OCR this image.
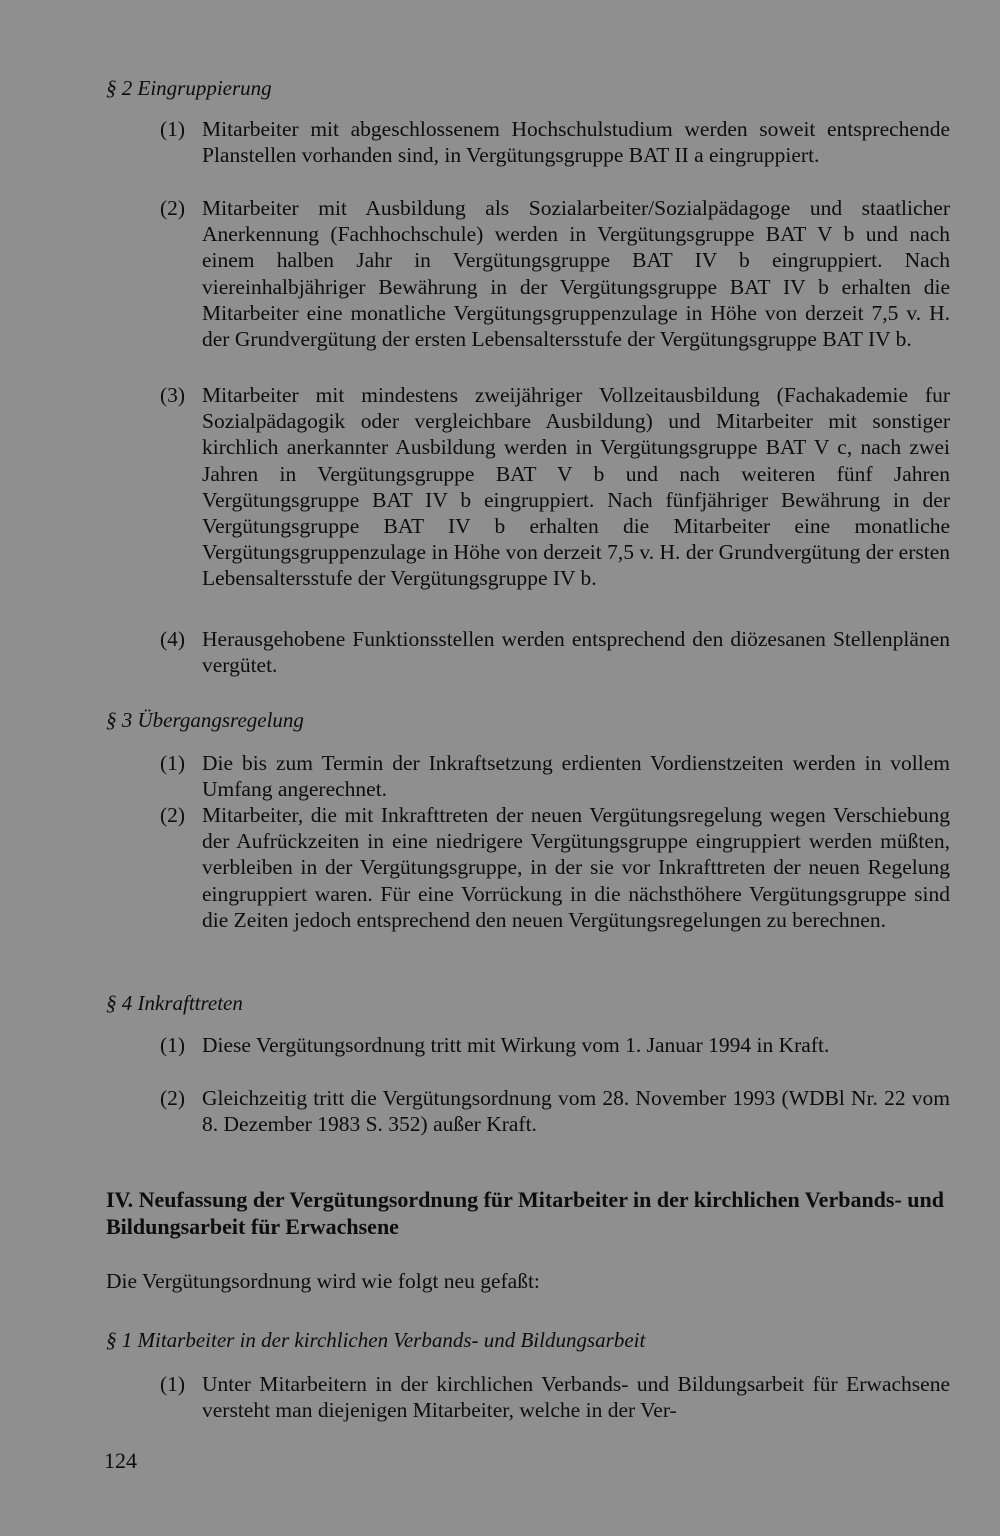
§ 2 Eingruppierung
(1) Mitarbeiter mit abgeschlossenem Hochschulstudium werden soweit entsprechende Planstellen vorhanden sind, in Vergütungsgruppe BAT II a eingruppiert.
(2) Mitarbeiter mit Ausbildung als Sozialarbeiter/Sozialpädagoge und staatlicher Anerkennung (Fachhochschule) werden in Vergütungsgruppe BAT V b und nach einem halben Jahr in Vergütungsgruppe BAT IV b eingruppiert. Nach viereinhalbjähriger Bewährung in der Vergütungsgruppe BAT IV b erhalten die Mitarbeiter eine monatliche Vergütungsgruppenzulage in Höhe von derzeit 7,5 v. H. der Grundvergütung der ersten Lebensaltersstufe der Vergütungsgruppe BAT IV b.
(3) Mitarbeiter mit mindestens zweijähriger Vollzeitausbildung (Fachakademie fur Sozialpädagogik oder vergleichbare Ausbildung) und Mitarbeiter mit sonstiger kirchlich anerkannter Ausbildung werden in Vergütungsgruppe BAT V c, nach zwei Jahren in Vergütungsgruppe BAT V b und nach weiteren fünf Jahren Vergütungsgruppe BAT IV b eingruppiert. Nach fünfjähriger Bewährung in der Vergütungsgruppe BAT IV b erhalten die Mitarbeiter eine monatliche Vergütungsgruppenzulage in Höhe von derzeit 7,5 v. H. der Grundvergütung der ersten Lebensaltersstufe der Vergütungsgruppe IV b.
(4) Herausgehobene Funktionsstellen werden entsprechend den diözesanen Stellenplänen vergütet.
§ 3 Übergangsregelung
(1) Die bis zum Termin der Inkraftsetzung erdienten Vordienstzeiten werden in vollem Umfang angerechnet.
(2) Mitarbeiter, die mit Inkrafttreten der neuen Vergütungsregelung wegen Verschiebung der Aufrückzeiten in eine niedrigere Vergütungsgruppe eingruppiert werden müßten, verbleiben in der Vergütungsgruppe, in der sie vor Inkrafttreten der neuen Regelung eingruppiert waren. Für eine Vorrückung in die nächsthöhere Vergütungsgruppe sind die Zeiten jedoch entsprechend den neuen Vergütungsregelungen zu berechnen.
§ 4 Inkrafttreten
(1) Diese Vergütungsordnung tritt mit Wirkung vom 1. Januar 1994 in Kraft.
(2) Gleichzeitig tritt die Vergütungsordnung vom 28. November 1993 (WDBl Nr. 22 vom 8. Dezember 1983 S. 352) außer Kraft.
IV. Neufassung der Vergütungsordnung für Mitarbeiter in der kirchlichen Verbands- und Bildungsarbeit für Erwachsene
Die Vergütungsordnung wird wie folgt neu gefaßt:
§ 1 Mitarbeiter in der kirchlichen Verbands- und Bildungsarbeit
(1) Unter Mitarbeitern in der kirchlichen Verbands- und Bildungsarbeit für Erwachsene versteht man diejenigen Mitarbeiter, welche in der Ver-
124
